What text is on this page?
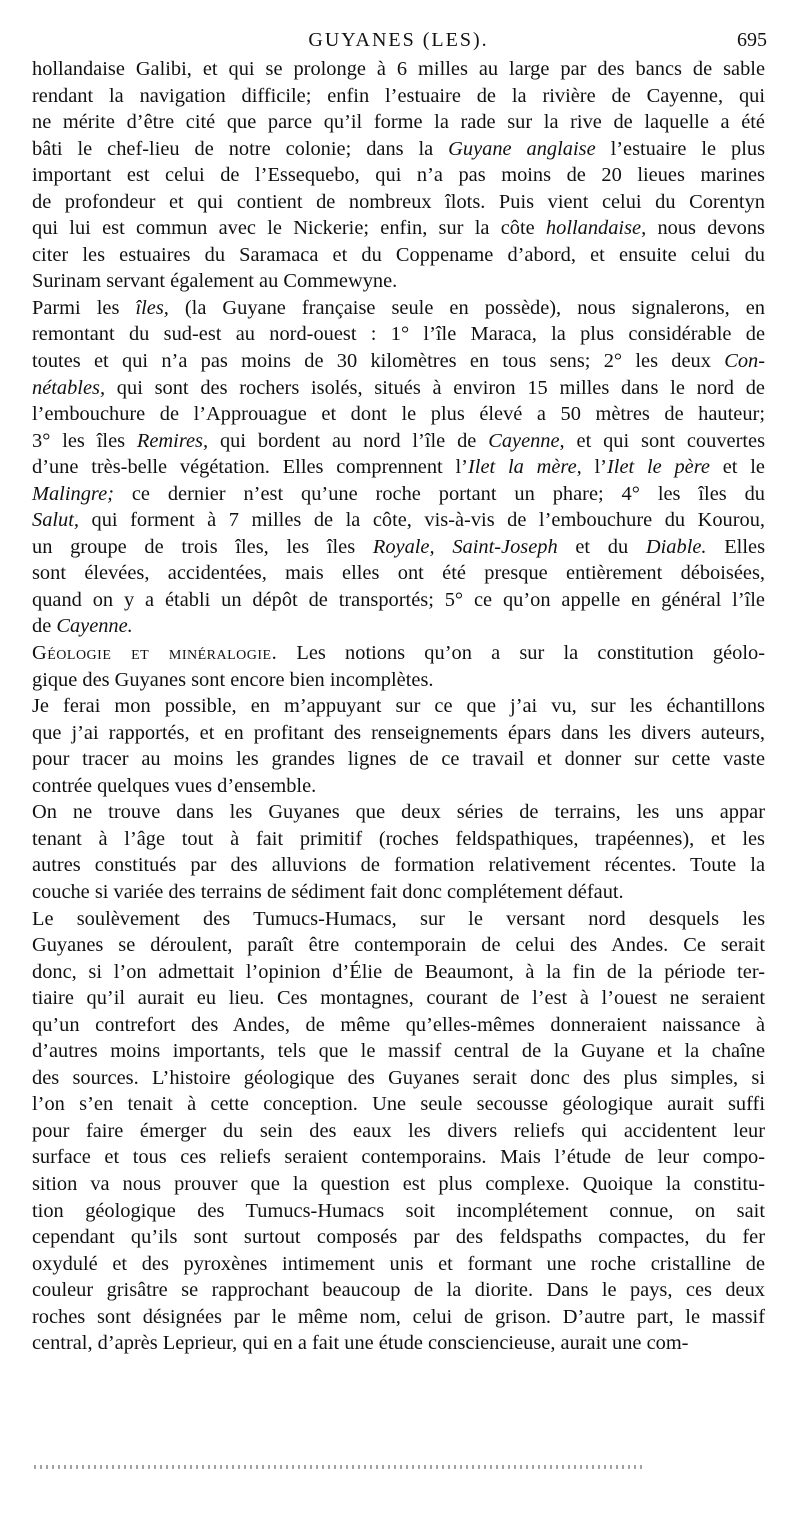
GUYANES (LES).	695
hollandaise Galibi, et qui se prolonge à 6 milles au large par des bancs de sable
rendant la navigation difficile; enfin l’estuaire de la rivière de Cayenne, qui
ne mérite d’être cité que parce qu’il forme la rade sur la rive de laquelle a été
bâti le chef-lieu de notre colonie; dans la Guyane anglaise l’estuaire le plus
important est celui de l’Essequebo, qui n’a pas moins de 20 lieues marines
de profondeur et qui contient de nombreux îlots. Puis vient celui du Corentyn
qui lui est commun avec le Nickerie; enfin, sur la côte hollandaise, nous devons
citer les estuaires du Saramaca et du Coppename d’abord, et ensuite celui du
Surinam servant également au Commewyne.
Parmi les îles, (la Guyane française seule en possède), nous signalerons, en
remontant du sud-est au nord-ouest : 1° l’île Maraca, la plus considérable de
toutes et qui n’a pas moins de 30 kilomètres en tous sens; 2° les deux Con-
nétables, qui sont des rochers isolés, situés à environ 15 milles dans le nord de
l’embouchure de l’Approuague et dont le plus élevé a 50 mètres de hauteur;
3° les îles Remires, qui bordent au nord l’île de Cayenne, et qui sont couvertes
d’une très-belle végétation. Elles comprennent l’Ilet la mère, l’Ilet le père et le
Malingre; ce dernier n’est qu’une roche portant un phare; 4° les îles du
Salut, qui forment à 7 milles de la côte, vis-à-vis de l’embouchure du Kourou,
un groupe de trois îles, les îles Royale, Saint-Joseph et du Diable. Elles
sont élevées, accidentées, mais elles ont été presque entièrement déboisées,
quand on y a établi un dépôt de transportés; 5° ce qu’on appelle en général l’île
de Cayenne.
Géologie et minéralogie. Les notions qu’on a sur la constitution géolo-
gique des Guyanes sont encore bien incomplètes.
Je ferai mon possible, en m’appuyant sur ce que j’ai vu, sur les échantillons
que j’ai rapportés, et en profitant des renseignements épars dans les divers auteurs,
pour tracer au moins les grandes lignes de ce travail et donner sur cette vaste
contrée quelques vues d’ensemble.
On ne trouve dans les Guyanes que deux séries de terrains, les uns appar
tenant à l’âge tout à fait primitif (roches feldspathiques, trapéennes), et les
autres constitués par des alluvions de formation relativement récentes. Toute la
couche si variée des terrains de sédiment fait donc complétement défaut.
Le soulèvement des Tumucs-Humacs, sur le versant nord desquels les
Guyanes se déroulent, paraît être contemporain de celui des Andes. Ce serait
donc, si l’on admettait l’opinion d’Élie de Beaumont, à la fin de la période ter-
tiaire qu’il aurait eu lieu. Ces montagnes, courant de l’est à l’ouest ne seraient
qu’un contrefort des Andes, de même qu’elles-mêmes donneraient naissance à
d’autres moins importants, tels que le massif central de la Guyane et la chaîne
des sources. L’histoire géologique des Guyanes serait donc des plus simples, si
l’on s’en tenait à cette conception. Une seule secousse géologique aurait suffi
pour faire émerger du sein des eaux les divers reliefs qui accidentent leur
surface et tous ces reliefs seraient contemporains. Mais l’étude de leur compo-
sition va nous prouver que la question est plus complexe. Quoique la constitu-
tion géologique des Tumucs-Humacs soit incomplétement connue, on sait
cependant qu’ils sont surtout composés par des feldspaths compactes, du fer
oxydulé et des pyroxènes intimement unis et formant une roche cristalline de
couleur grisâtre se rapprochant beaucoup de la diorite. Dans le pays, ces deux
roches sont désignées par le même nom, celui de grison. D’autre part, le massif
central, d’après Leprieur, qui en a fait une étude consciencieuse, aurait une com-
